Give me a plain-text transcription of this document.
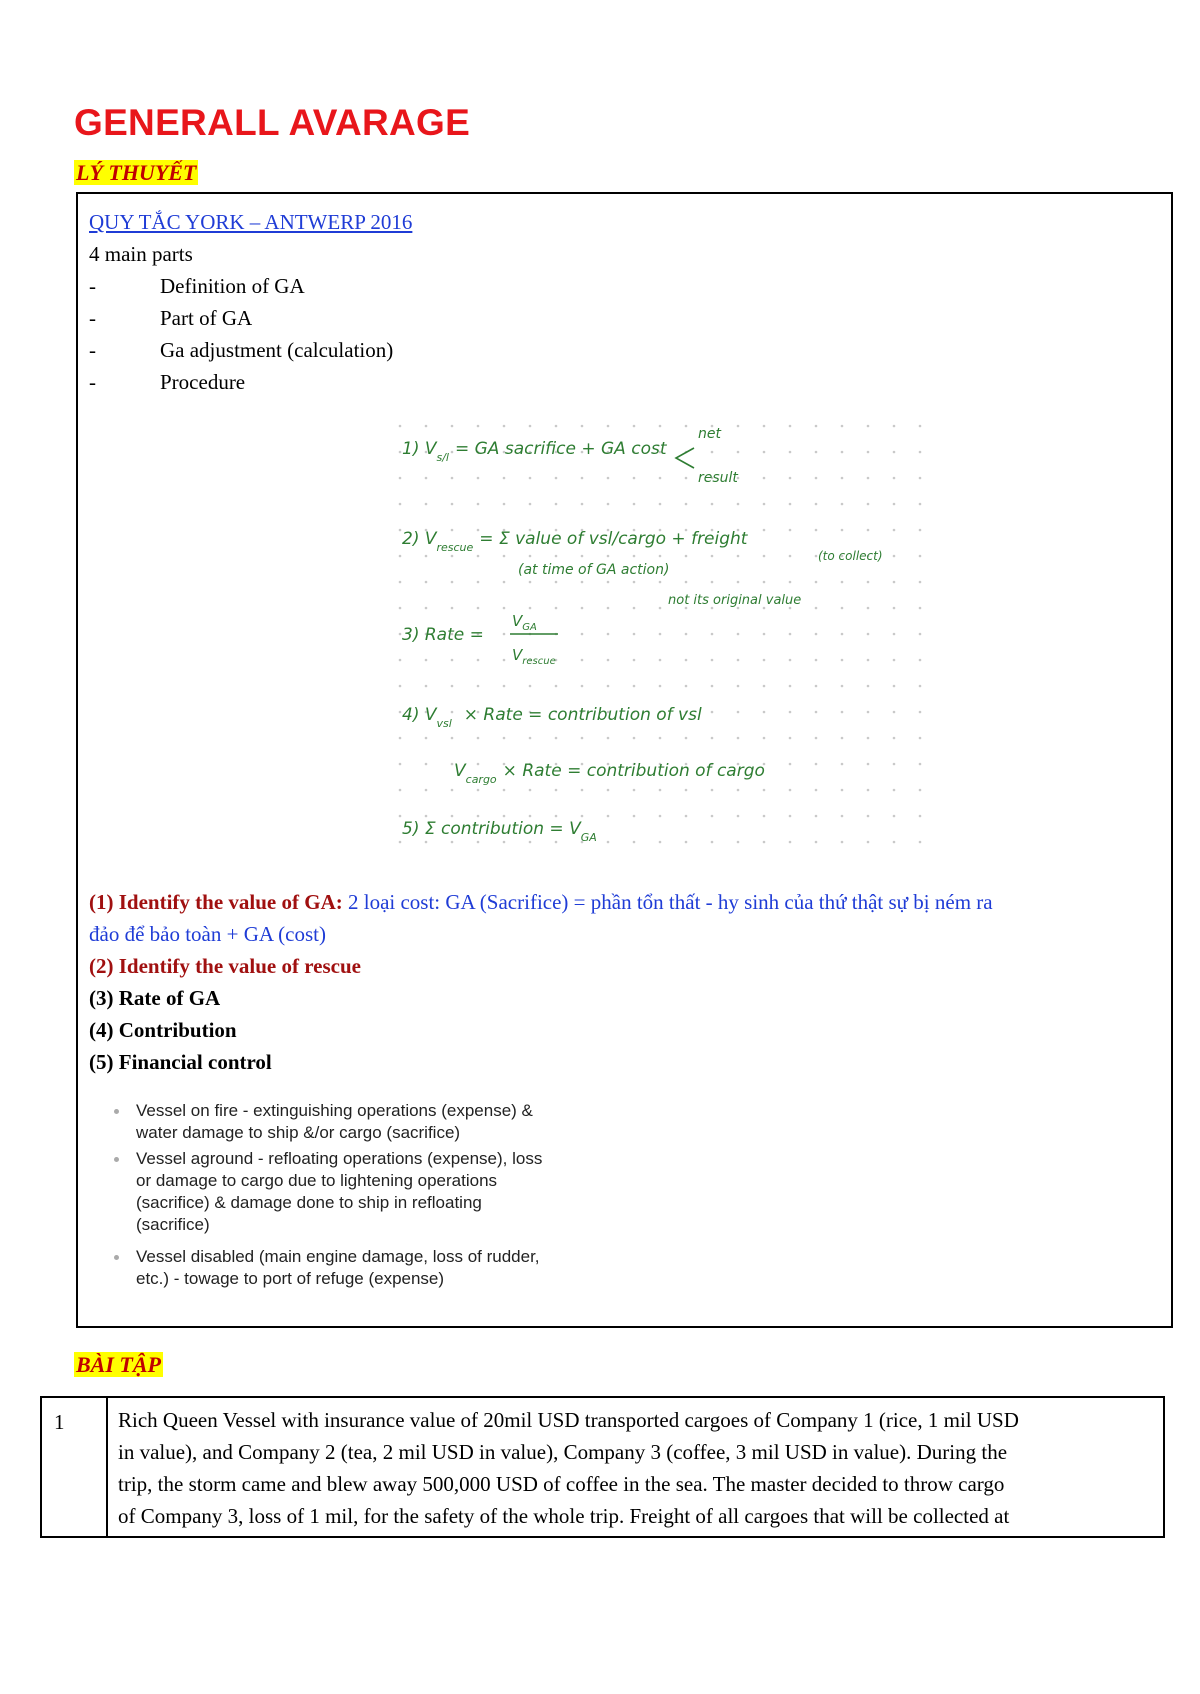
GENERALL AVARAGE
LÝ THUYẾT
QUY TẮC YORK – ANTWERP 2016
4 main parts
-	Definition of GA
-	Part of GA
-	Ga adjustment (calculation)
-	Procedure
1) $V_{s/l}$ = GA sacrifice + GA cost
net
result
2) $V_{rescue} = \Sigma$ value of vsl/cargo + freight
(to collect)
(at time of GA action)
not its original value
3) Rate =
$V_{GA}$
$V_{rescue}$
4) $V_{vsl}$ × Rate = contribution of vsl
$V_{cargo}$ × Rate = contribution of cargo
5) Σ contribution = $V_{GA}$
(1) Identify the value of GA: 2 loại cost: GA (Sacrifice) = phần tổn thất - hy sinh của thứ thật sự bị ném ra
đảo để bảo toàn + GA (cost)
(2) Identify the value of rescue
(3) Rate of GA
(4) Contribution
(5) Financial control
Vessel on fire - extinguishing operations (expense) &
water damage to ship &/or cargo (sacrifice)
Vessel aground - refloating operations (expense), loss
or damage to cargo due to lightening operations
(sacrifice) & damage done to ship in refloating
(sacrifice)
Vessel disabled (main engine damage, loss of rudder,
etc.) - towage to port of refuge (expense)
BÀI TẬP
1	Rich Queen Vessel with insurance value of 20mil USD transported cargoes of Company 1 (rice, 1 mil USD
in value), and Company 2 (tea, 2 mil USD in value), Company 3 (coffee, 3 mil USD in value). During the
trip, the storm came and blew away 500,000 USD of coffee in the sea. The master decided to throw cargo
of Company 3, loss of 1 mil, for the safety of the whole trip. Freight of all cargoes that will be collected at
